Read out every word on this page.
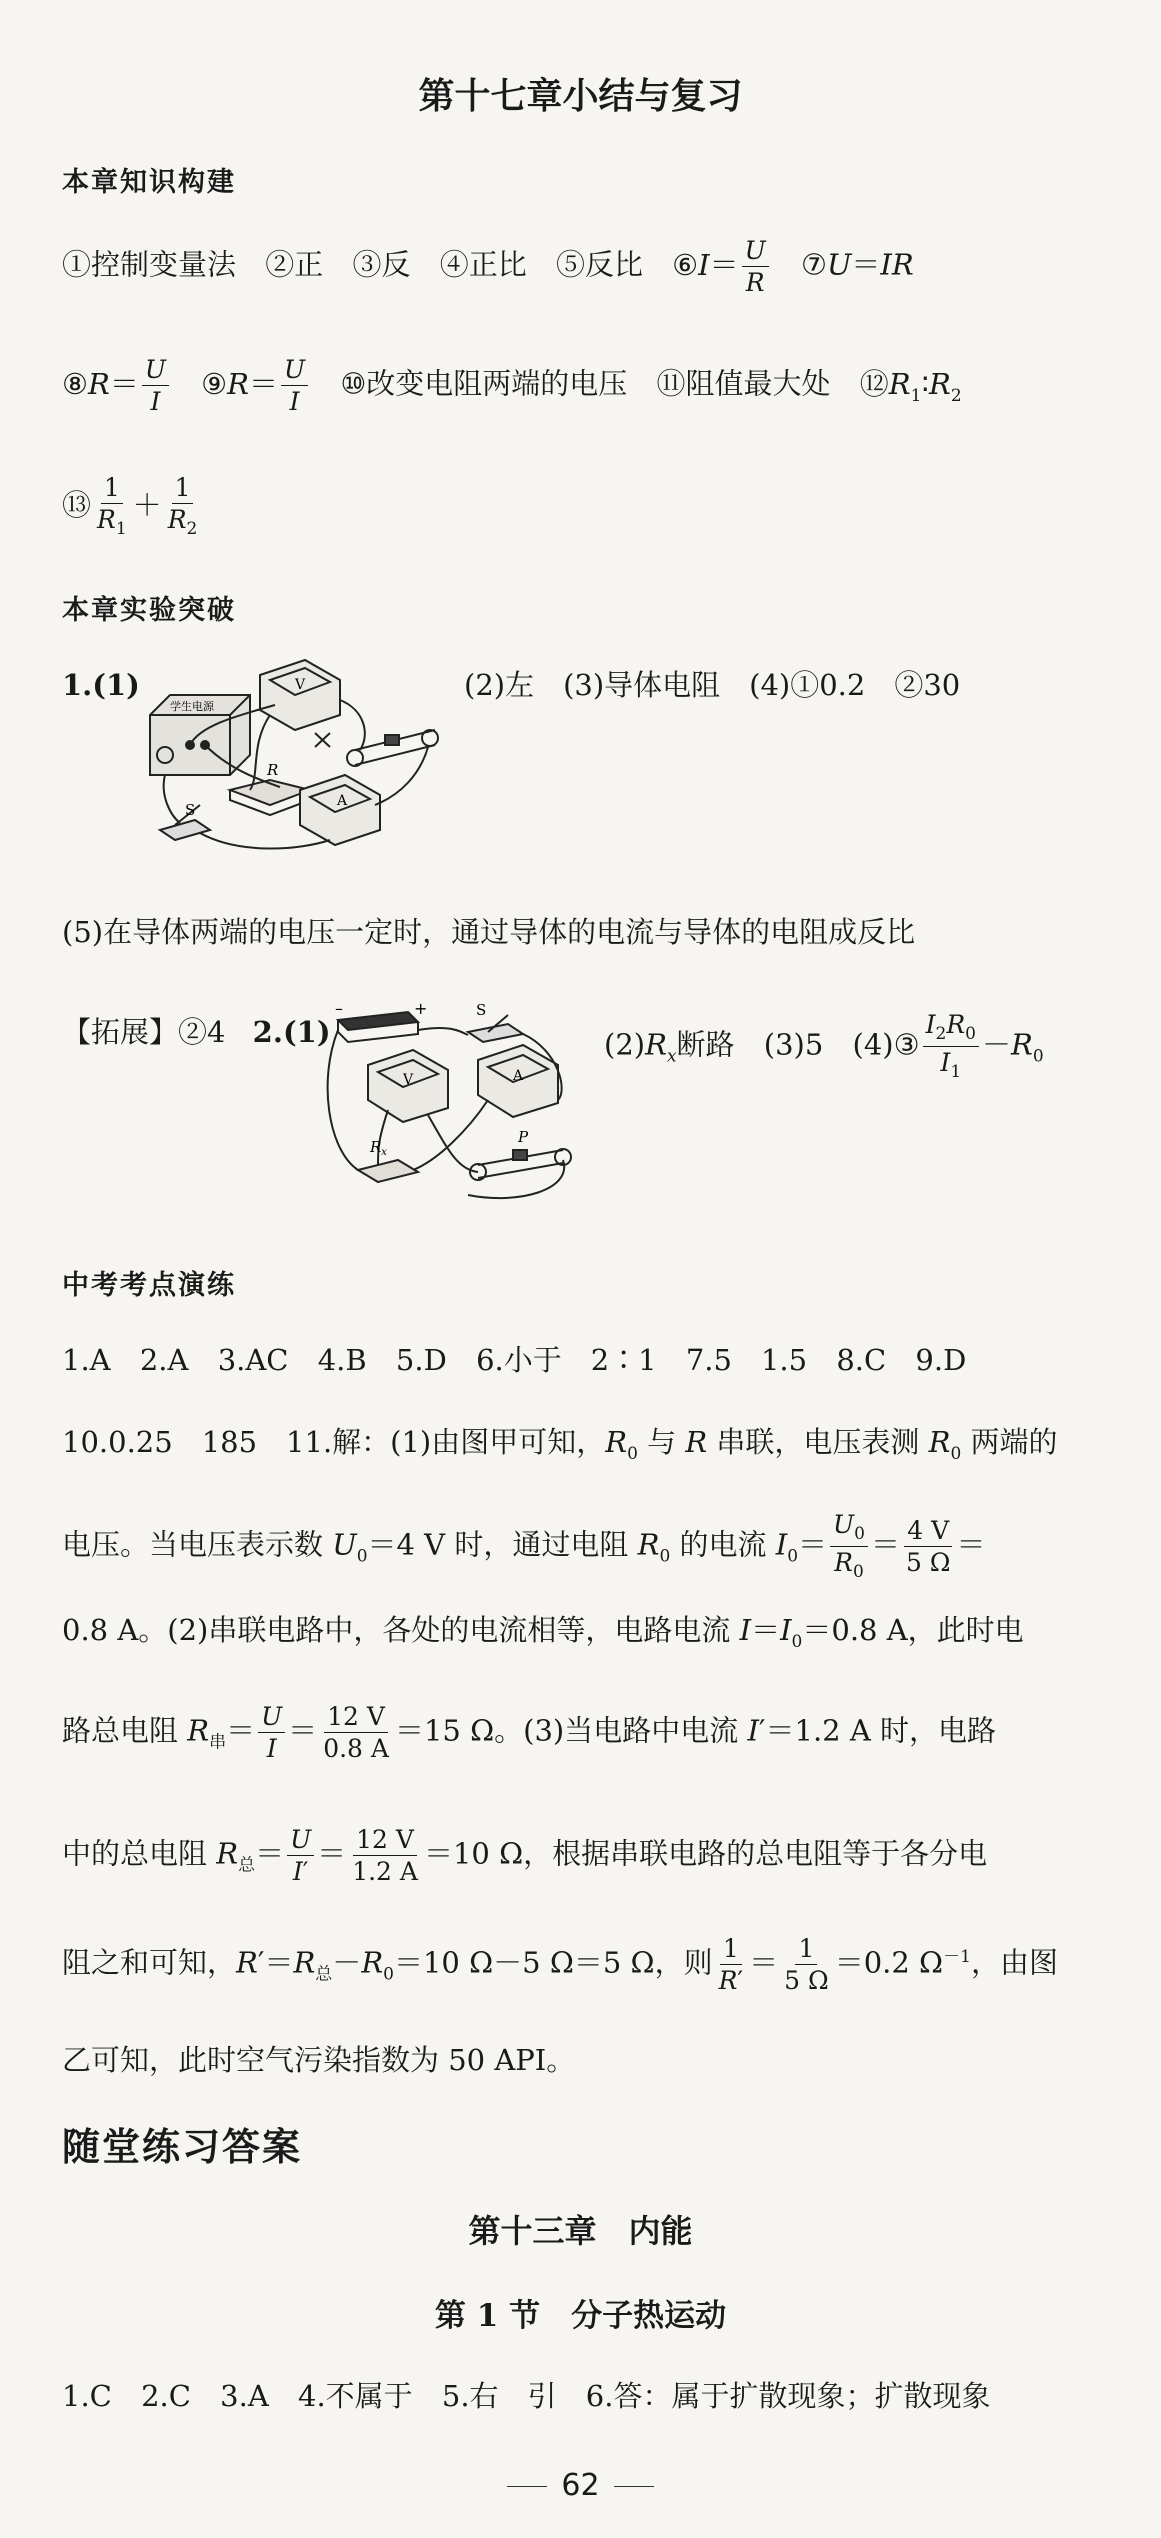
第十七章小结与复习
本章知识构建
①控制变量法 ②正 ③反 ④正比 ⑤反比 ⑥I＝ $\frac{U}{R}$ ⑦U＝IR
⑧R＝ $\frac{U}{I}$ ⑨R＝ $\frac{U}{I}$ ⑩改变电阻两端的电压 ⑪阻值最大处 $⑫R_1∶R_2$
⑬ $\frac{1}{R_1} + \frac{1}{R_2}$
本章实验突破
1.(1)	(2)左　(3)导体电阻　(4)①0.2　②30
学生电源
V
A
R
S
(5)在导体两端的电压一定时，通过导体的电流与导体的电阻成反比
【拓展】②4 2.(1)	$(2)R_x$断路 (3)5 (4)③ $\frac{I_2R_0}{I_1} -R_0$
–	+	S
V	A
P
$R_x$
中考考点演练
1.A 2.A 3.AC 4.B 5.D 6.小于　2∶1 7.5　1.5 8.C 9.D
10.0.25　185　11.解：(1)由图甲可知，$R_0$ 与 R 串联，电压表测 $R_0$ 两端的
电压。当电压表示数 $U_0=4$ V 时，通过电阻 $R_0$ 的电流 $I_0= \frac{U_0}{R_0} = \frac{4 V}{5 \Omega}$ ＝
0.8 A。(2)串联电路中，各处的电流相等，电路电流 $I=I_0=0.8$ A，此时电
路总电阻 $R_串= \frac{U}{I} = \frac{12 V}{0.8 A} =15$ Ω。(3)当电路中电流 I′＝1.2 A 时，电路
中的总电阻 $R_总= \frac{U}{I'} = \frac{12 V}{1.2 A} =10$ Ω，根据串联电路的总电阻等于各分电
阻之和可知，$R'=R_总-R_0=10$ Ω－5 Ω＝5 Ω，则 $\frac{1}{R'} = \frac{1}{5 \Omega} =0.2$ $\Omega^{-1}$，由图
乙可知，此时空气污染指数为 50 API。
随堂练习答案
第十三章　内能
第 1 节　分子热运动
1.C 2.C 3.A 4.不属于 5.右　引 6.答：属于扩散现象；扩散现象
62
